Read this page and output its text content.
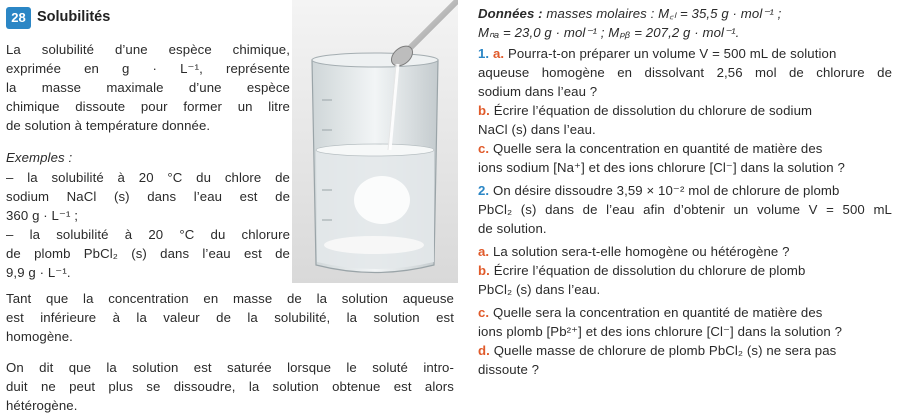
28 Solubilités
La solubilité d’une espèce chimique,
exprimée en g · L⁻¹, représente
la masse maximale d’une espèce
chimique dissoute pour former un litre
de solution à température donnée.
Exemples :
– la solubilité à 20 °C du chlore de
sodium NaCl (s) dans l’eau est de
360 g · L⁻¹ ;
– la solubilité à 20 °C du chlorure
de plomb PbCl₂ (s) dans l’eau est de
9,9 g · L⁻¹.
Tant que la concentration en masse de la solution aqueuse
est inférieure à la valeur de la solubilité, la solution est
homogène.
On dit que la solution est saturée lorsque le soluté intro-
duit ne peut plus se dissoudre, la solution obtenue est alors
hétérogène.
Données : masses molaires : M꜀ₗ = 35,5 g · mol⁻¹ ;
Mₙₐ = 23,0 g · mol⁻¹ ; Mₚᵦ = 207,2 g · mol⁻¹.
1. a. Pourra-t-on préparer un volume V = 500 mL de solution
aqueuse homogène en dissolvant 2,56 mol de chlorure de
sodium dans l’eau ?
b. Écrire l’équation de dissolution du chlorure de sodium
NaCl (s) dans l’eau.
c. Quelle sera la concentration en quantité de matière des
ions sodium [Na⁺] et des ions chlorure [Cl⁻] dans la solution ?
2. On désire dissoudre 3,59 × 10⁻² mol de chlorure de plomb
PbCl₂ (s) dans de l’eau afin d’obtenir un volume V = 500 mL
de solution.
a. La solution sera-t-elle homogène ou hétérogène ?
b. Écrire l’équation de dissolution du chlorure de plomb
PbCl₂ (s) dans l’eau.
c. Quelle sera la concentration en quantité de matière des
ions plomb [Pb²⁺] et des ions chlorure [Cl⁻] dans la solution ?
d. Quelle masse de chlorure de plomb PbCl₂ (s) ne sera pas
dissoute ?
